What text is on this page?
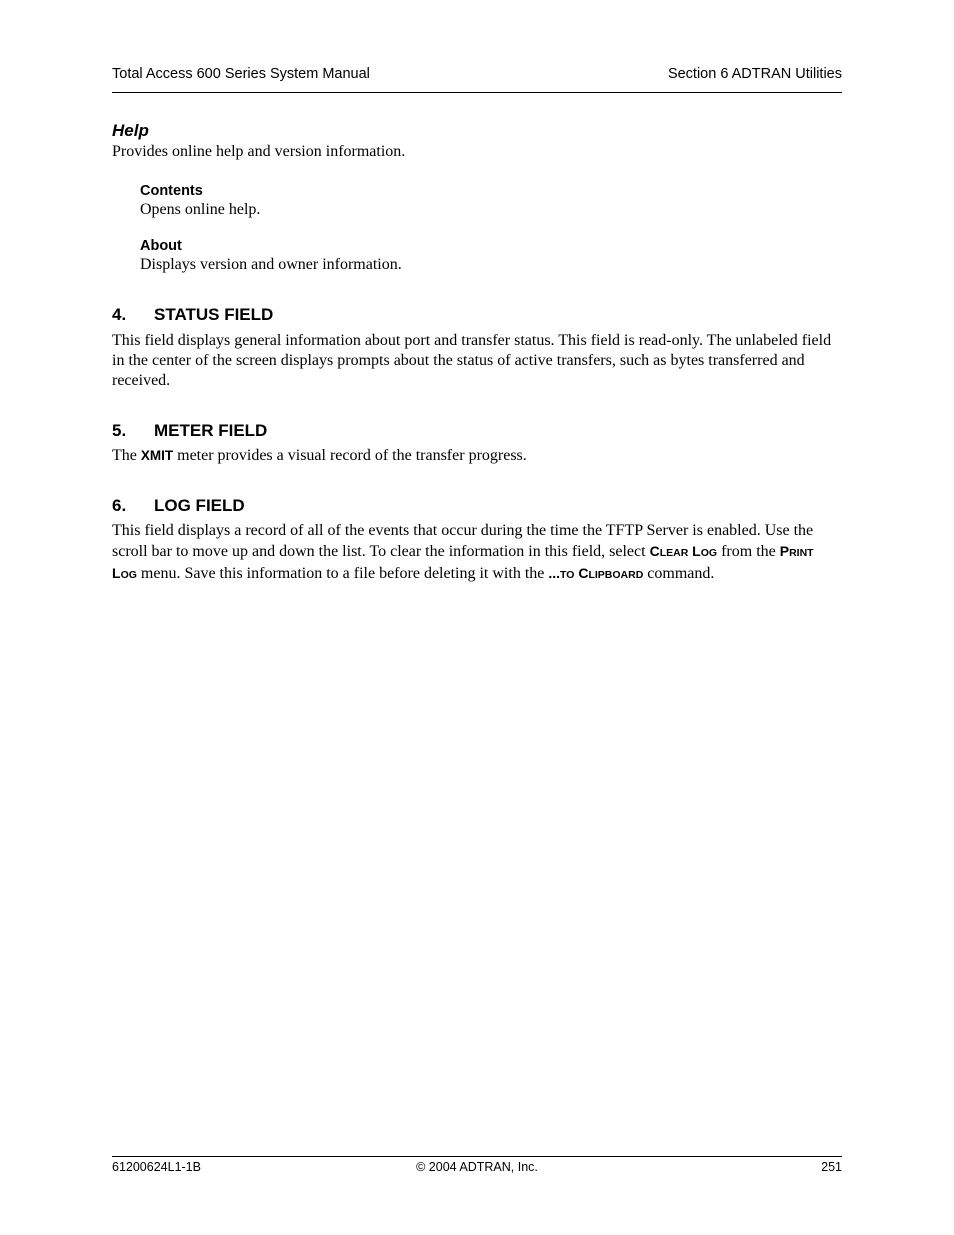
Total Access 600 Series System Manual	Section 6 ADTRAN Utilities
Help

Provides online help and version information.

Contents

Opens online help.

About

Displays version and owner information.

4. STATUS FIELD

This field displays general information about port and transfer status. This field is read-only. The unlabeled field in the center of the screen displays prompts about the status of active transfers, such as bytes transferred and received.

5. METER FIELD

The XMIT meter provides a visual record of the transfer progress.

6. LOG FIELD

This field displays a record of all of the events that occur during the time the TFTP Server is enabled. Use the scroll bar to move up and down the list. To clear the information in this field, select CLEAR LOG from the PRINT LOG menu. Save this information to a file before deleting it with the ...TO CLIPBOARD command.

61200624L1-1B	© 2004 ADTRAN, Inc.	251
